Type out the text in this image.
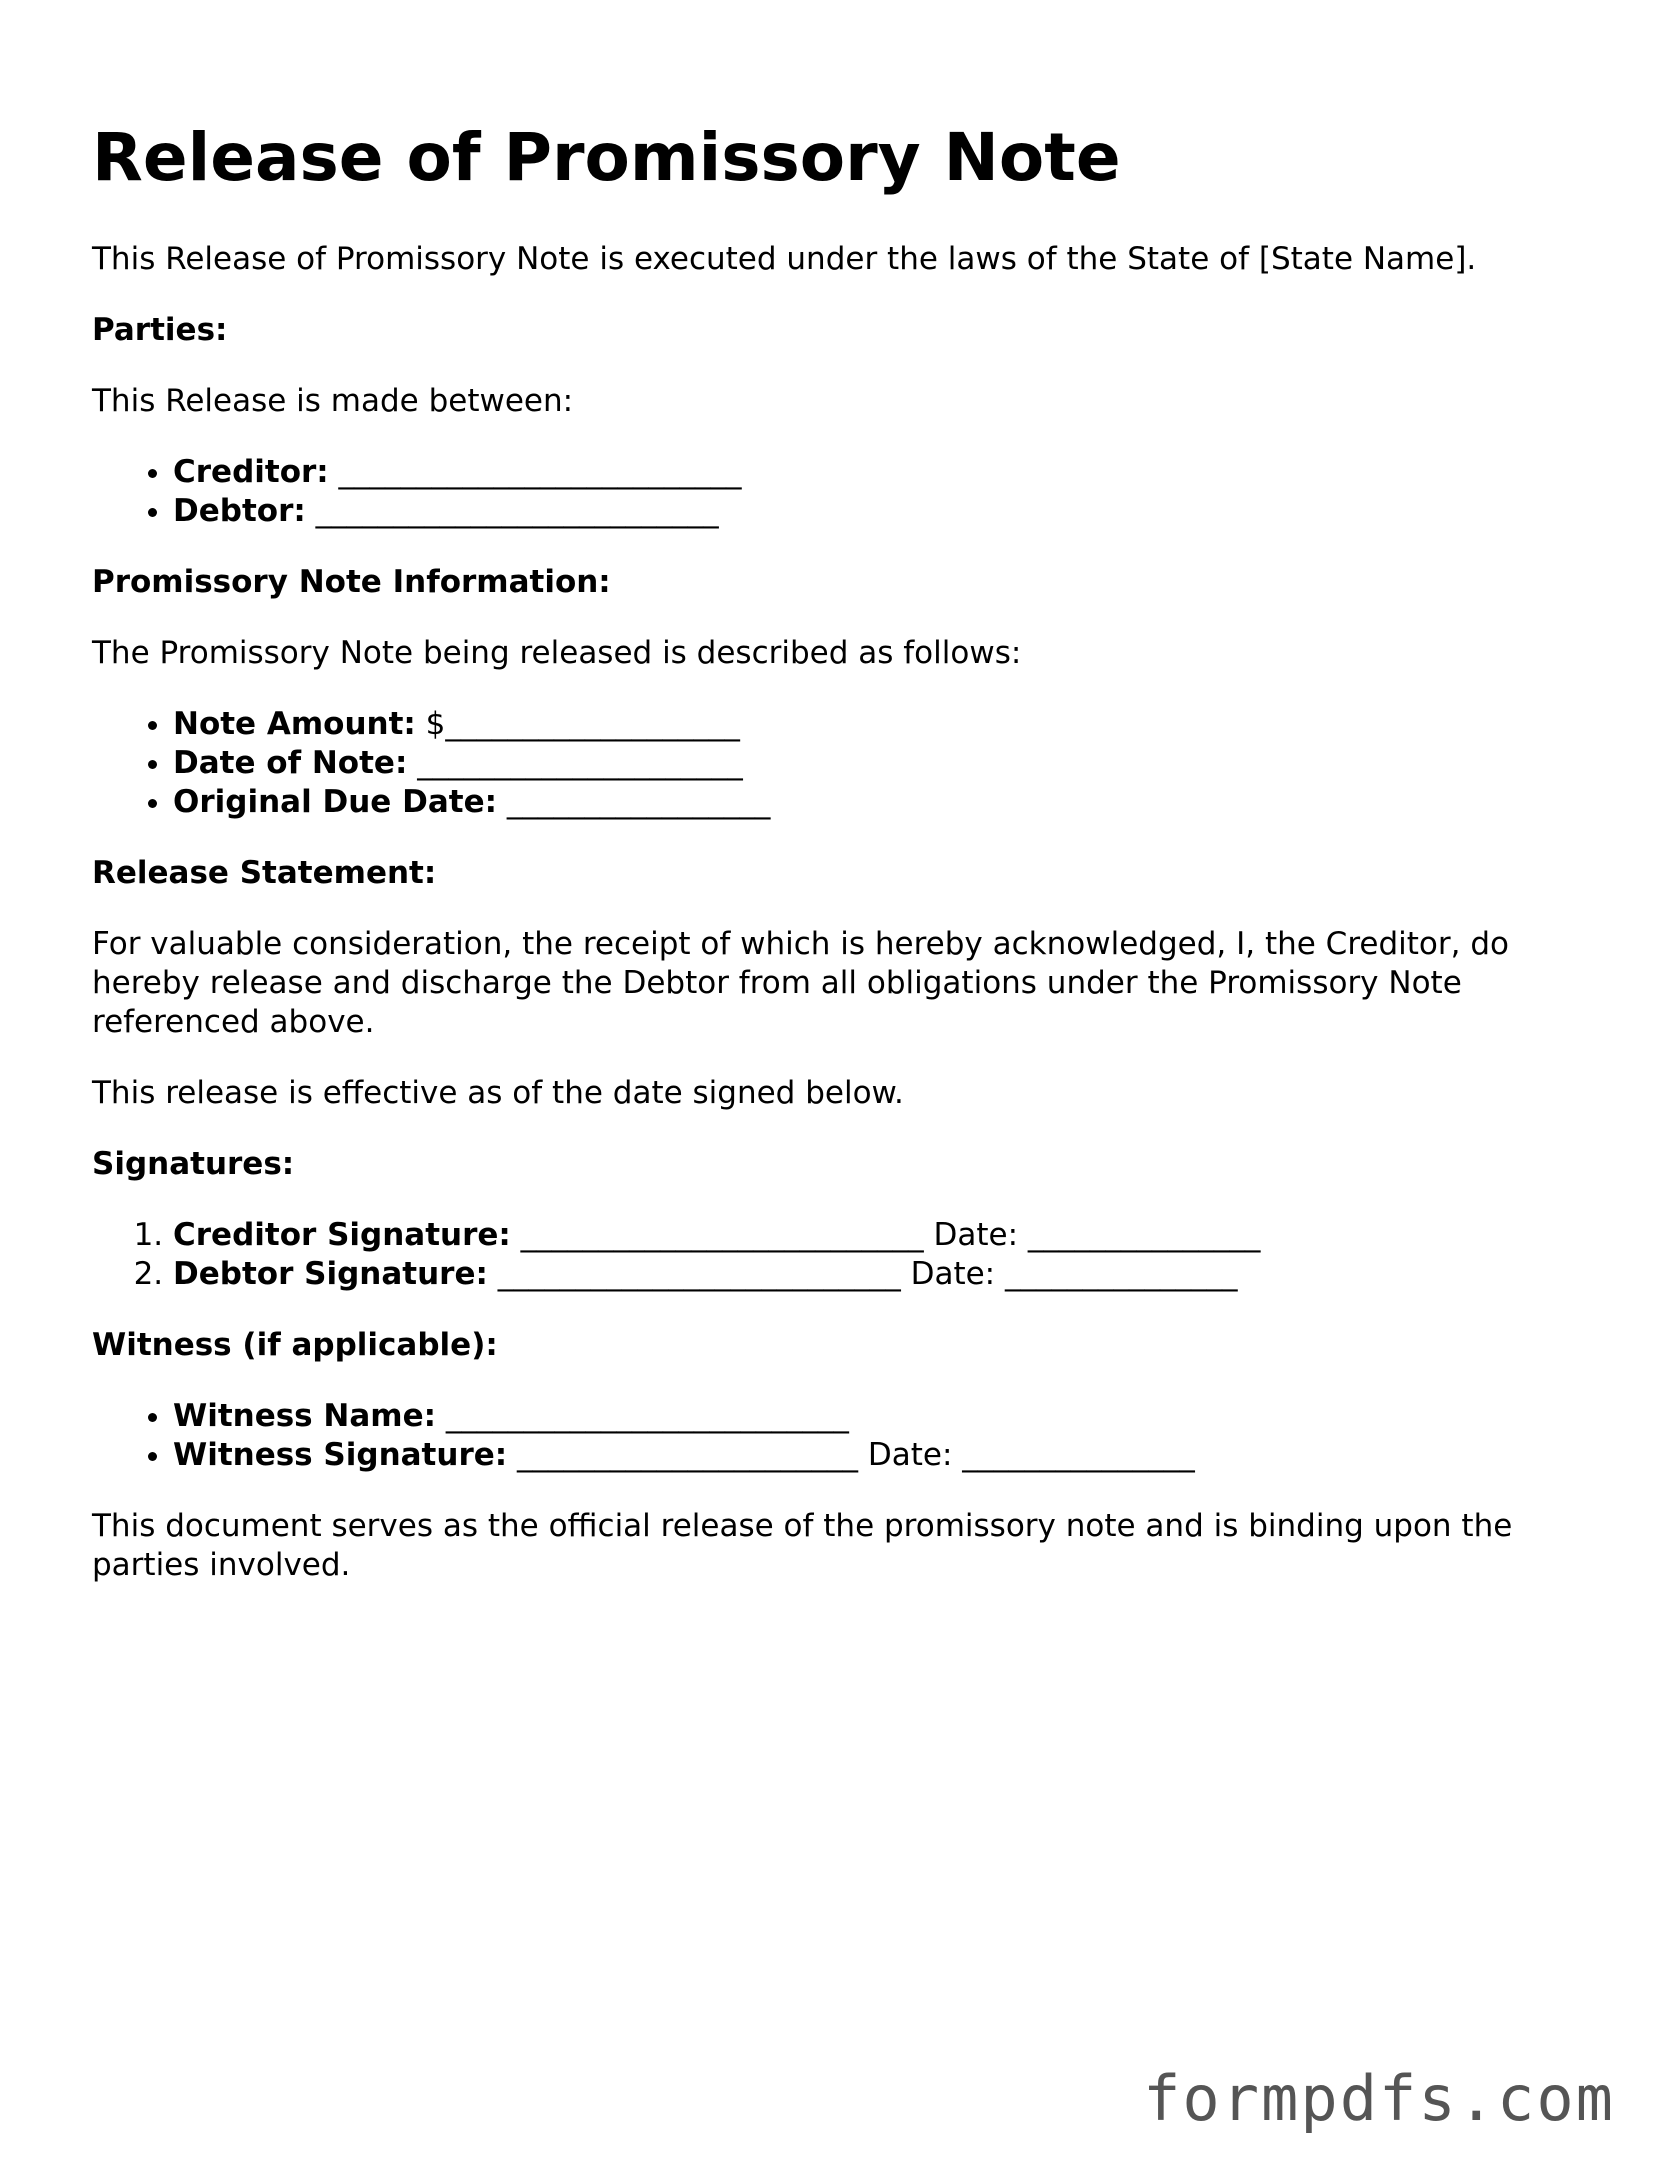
Release of Promissory Note

This Release of Promissory Note is executed under the laws of the State of [State Name].

Parties:

This Release is made between:

• Creditor: __________________________
• Debtor: __________________________

Promissory Note Information:

The Promissory Note being released is described as follows:

• Note Amount: $___________________
• Date of Note: _____________________
• Original Due Date: _________________

Release Statement:

For valuable consideration, the receipt of which is hereby acknowledged, I, the Creditor, do hereby release and discharge the Debtor from all obligations under the Promissory Note referenced above.

This release is effective as of the date signed below.

Signatures:

1. Creditor Signature: __________________________ Date: _______________
2. Debtor Signature: __________________________ Date: _______________

Witness (if applicable):

• Witness Name: __________________________
• Witness Signature: ______________________ Date: _______________

This document serves as the official release of the promissory note and is binding upon the parties involved.

formpdfs.com
